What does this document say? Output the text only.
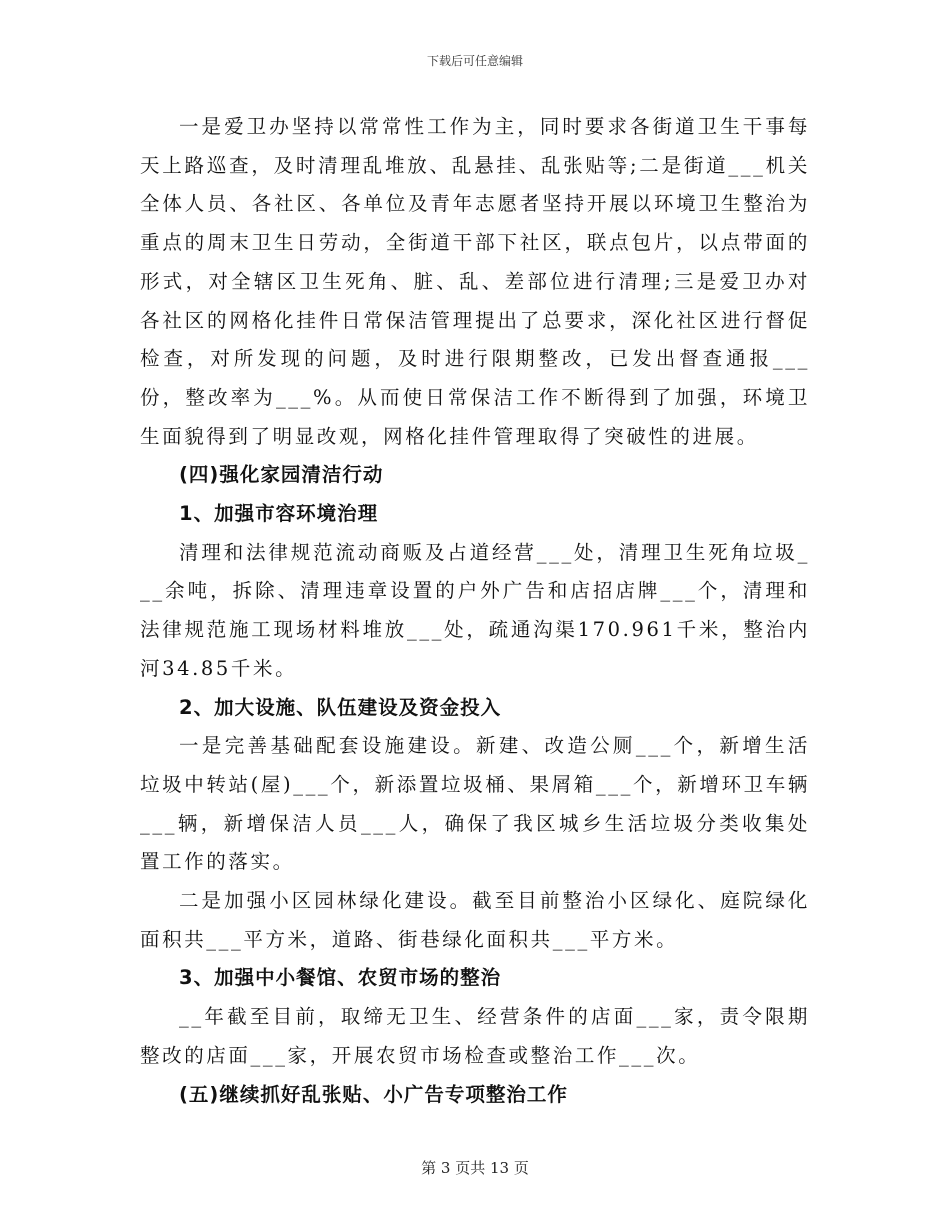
下载后可任意编辑

一是爱卫办坚持以常常性工作为主，同时要求各街道卫生干事每天上路巡查，及时清理乱堆放、乱悬挂、乱张贴等;二是街道___机关全体人员、各社区、各单位及青年志愿者坚持开展以环境卫生整治为重点的周末卫生日劳动，全街道干部下社区，联点包片，以点带面的形式，对全辖区卫生死角、脏、乱、差部位进行清理;三是爱卫办对各社区的网格化挂件日常保洁管理提出了总要求，深化社区进行督促检查，对所发现的问题，及时进行限期整改，已发出督查通报___份，整改率为___%。从而使日常保洁工作不断得到了加强，环境卫生面貌得到了明显改观，网格化挂件管理取得了突破性的进展。

(四)强化家园清洁行动

1、加强市容环境治理

清理和法律规范流动商贩及占道经营___处，清理卫生死角垃圾___余吨，拆除、清理违章设置的户外广告和店招店牌___个，清理和法律规范施工现场材料堆放___处，疏通沟渠170.961千米，整治内河34.85千米。

2、加大设施、队伍建设及资金投入

一是完善基础配套设施建设。新建、改造公厕___个，新增生活垃圾中转站(屋)___个，新添置垃圾桶、果屑箱___个，新增环卫车辆___辆，新增保洁人员___人，确保了我区城乡生活垃圾分类收集处置工作的落实。

二是加强小区园林绿化建设。截至目前整治小区绿化、庭院绿化面积共___平方米，道路、街巷绿化面积共___平方米。

3、加强中小餐馆、农贸市场的整治

__年截至目前，取缔无卫生、经营条件的店面___家，责令限期整改的店面___家，开展农贸市场检查或整治工作___次。

(五)继续抓好乱张贴、小广告专项整治工作

第 3 页共 13 页
